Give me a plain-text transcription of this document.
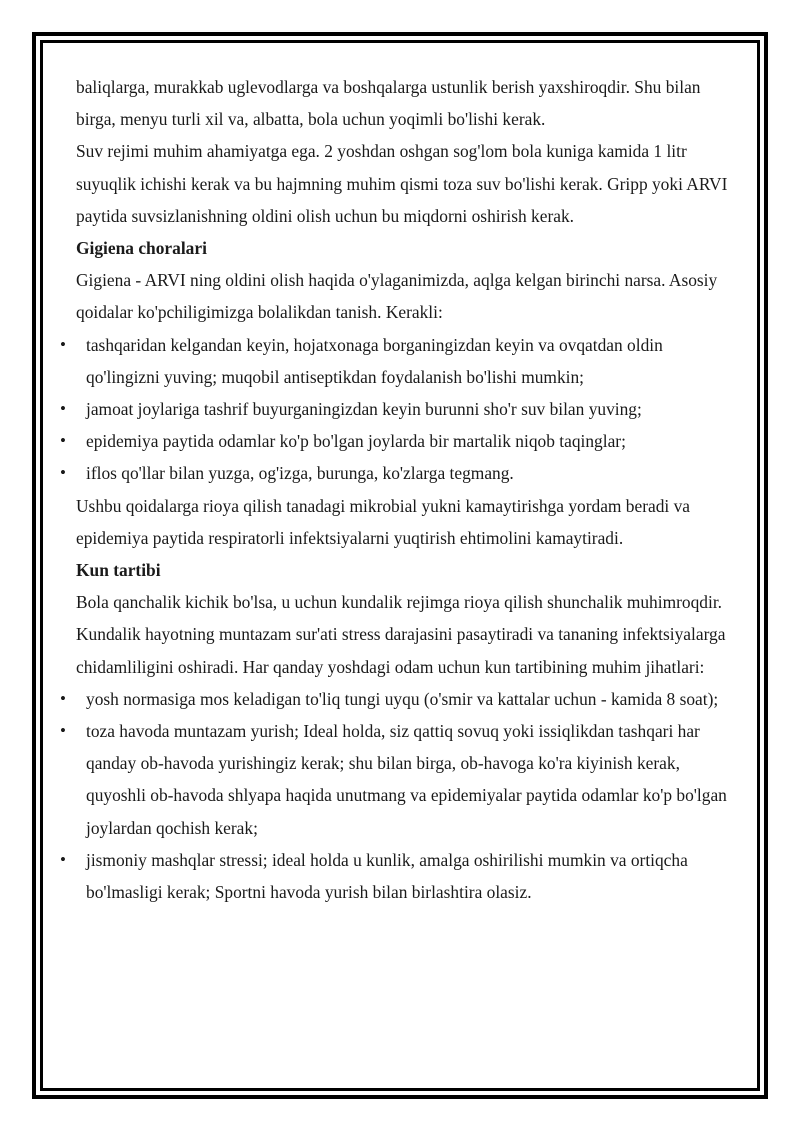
baliqlarga, murakkab uglevodlarga va boshqalarga ustunlik berish yaxshiroqdir. Shu bilan birga, menyu turli xil va, albatta, bola uchun yoqimli bo'lishi kerak.

Suv rejimi muhim ahamiyatga ega. 2 yoshdan oshgan sog'lom bola kuniga kamida 1 litr suyuqlik ichishi kerak va bu hajmning muhim qismi toza suv bo'lishi kerak. Gripp yoki ARVI paytida suvsizlanishning oldini olish uchun bu miqdorni oshirish kerak.

Gigiena choralari

Gigiena - ARVI ning oldini olish haqida o'ylaganimizda, aqlga kelgan birinchi narsa. Asosiy qoidalar ko'pchiligimizga bolalikdan tanish. Kerakli:

• tashqaridan kelgandan keyin, hojatxonaga borganingizdan keyin va ovqatdan oldin qo'lingizni yuving; muqobil antiseptikdan foydalanish bo'lishi mumkin;
• jamoat joylariga tashrif buyurganingizdan keyin burunni sho'r suv bilan yuving;
• epidemiya paytida odamlar ko'p bo'lgan joylarda bir martalik niqob taqinglar;
• iflos qo'llar bilan yuzga, og'izga, burunga, ko'zlarga tegmang.

Ushbu qoidalarga rioya qilish tanadagi mikrobial yukni kamaytirishga yordam beradi va epidemiya paytida respiratorli infektsiyalarni yuqtirish ehtimolini kamaytiradi.

Kun tartibi

Bola qanchalik kichik bo'lsa, u uchun kundalik rejimga rioya qilish shunchalik muhimroqdir. Kundalik hayotning muntazam sur'ati stress darajasini pasaytiradi va tananing infektsiyalarga chidamliligini oshiradi. Har qanday yoshdagi odam uchun kun tartibining muhim jihatlari:

• yosh normasiga mos keladigan to'liq tungi uyqu (o'smir va kattalar uchun - kamida 8 soat);
• toza havoda muntazam yurish; Ideal holda, siz qattiq sovuq yoki issiqlikdan tashqari har qanday ob-havoda yurishingiz kerak; shu bilan birga, ob-havoga ko'ra kiyinish kerak, quyoshli ob-havoda shlyapa haqida unutmang va epidemiyalar paytida odamlar ko'p bo'lgan joylardan qochish kerak;
• jismoniy mashqlar stressi; ideal holda u kunlik, amalga oshirilishi mumkin va ortiqcha bo'lmasligi kerak; Sportni havoda yurish bilan birlashtira olasiz.
